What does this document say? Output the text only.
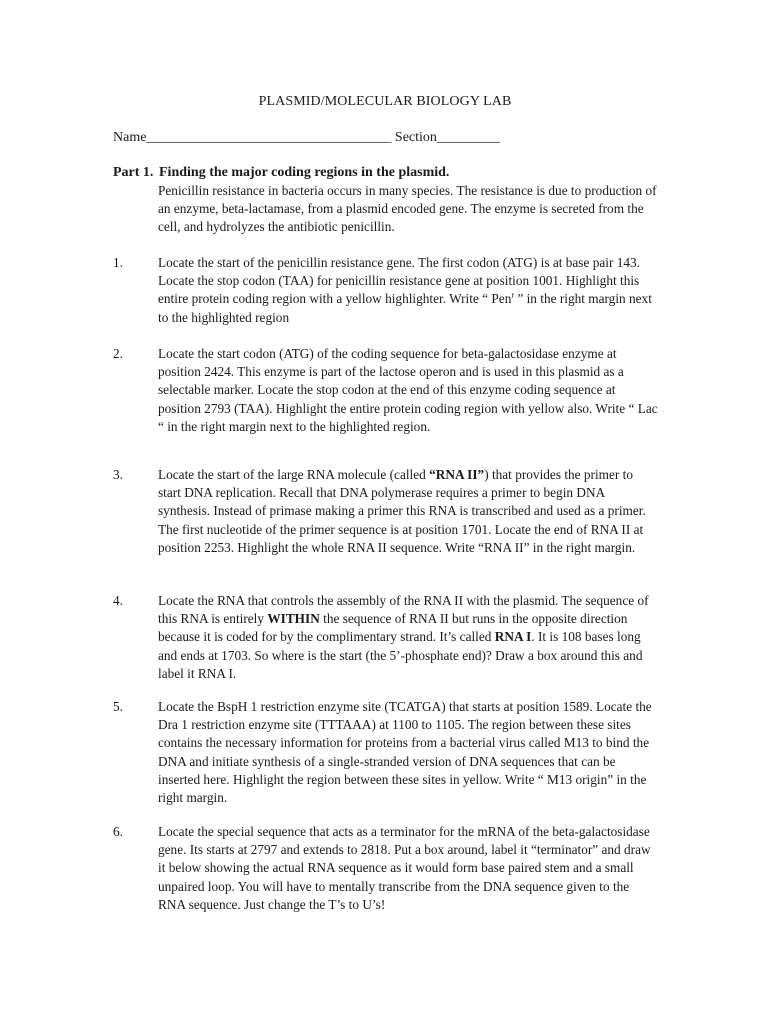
PLASMID/MOLECULAR BIOLOGY LAB
Name___________________________________ Section_________
Part 1. Finding the major coding regions in the plasmid.
Penicillin resistance in bacteria occurs in many species. The resistance is due to production of an enzyme, beta-lactamase, from a plasmid encoded gene. The enzyme is secreted from the cell, and hydrolyzes the antibiotic penicillin.
1.	Locate the start of the penicillin resistance gene. The first codon (ATG) is at base pair 143. Locate the stop codon (TAA) for penicillin resistance gene at position 1001. Highlight this entire protein coding region with a yellow highlighter. Write “ Pen$^r$ ” in the right margin next to the highlighted region
2.	Locate the start codon (ATG) of the coding sequence for beta-galactosidase enzyme at position 2424. This enzyme is part of the lactose operon and is used in this plasmid as a selectable marker. Locate the stop codon at the end of this enzyme coding sequence at position 2793 (TAA). Highlight the entire protein coding region with yellow also. Write “ Lac “ in the right margin next to the highlighted region.
3.	Locate the start of the large RNA molecule (called “RNA II”) that provides the primer to start DNA replication. Recall that DNA polymerase requires a primer to begin DNA synthesis. Instead of primase making a primer this RNA is transcribed and used as a primer. The first nucleotide of the primer sequence is at position 1701. Locate the end of RNA II at position 2253. Highlight the whole RNA II sequence. Write “RNA II” in the right margin.
4.	Locate the RNA that controls the assembly of the RNA II with the plasmid. The sequence of this RNA is entirely WITHIN the sequence of RNA II but runs in the opposite direction because it is coded for by the complimentary strand. It’s called RNA I. It is 108 bases long and ends at 1703. So where is the start (the 5’-phosphate end)? Draw a box around this and label it RNA I.
5.	Locate the BspH 1 restriction enzyme site (TCATGA) that starts at position 1589. Locate the Dra 1 restriction enzyme site (TTTAAA) at 1100 to 1105. The region between these sites contains the necessary information for proteins from a bacterial virus called M13 to bind the DNA and initiate synthesis of a single-stranded version of DNA sequences that can be inserted here. Highlight the region between these sites in yellow. Write “ M13 origin” in the right margin.
6.	Locate the special sequence that acts as a terminator for the mRNA of the beta-galactosidase gene. Its starts at 2797 and extends to 2818. Put a box around, label it “terminator” and draw it below showing the actual RNA sequence as it would form base paired stem and a small unpaired loop. You will have to mentally transcribe from the DNA sequence given to the RNA sequence. Just change the T’s to U’s!
